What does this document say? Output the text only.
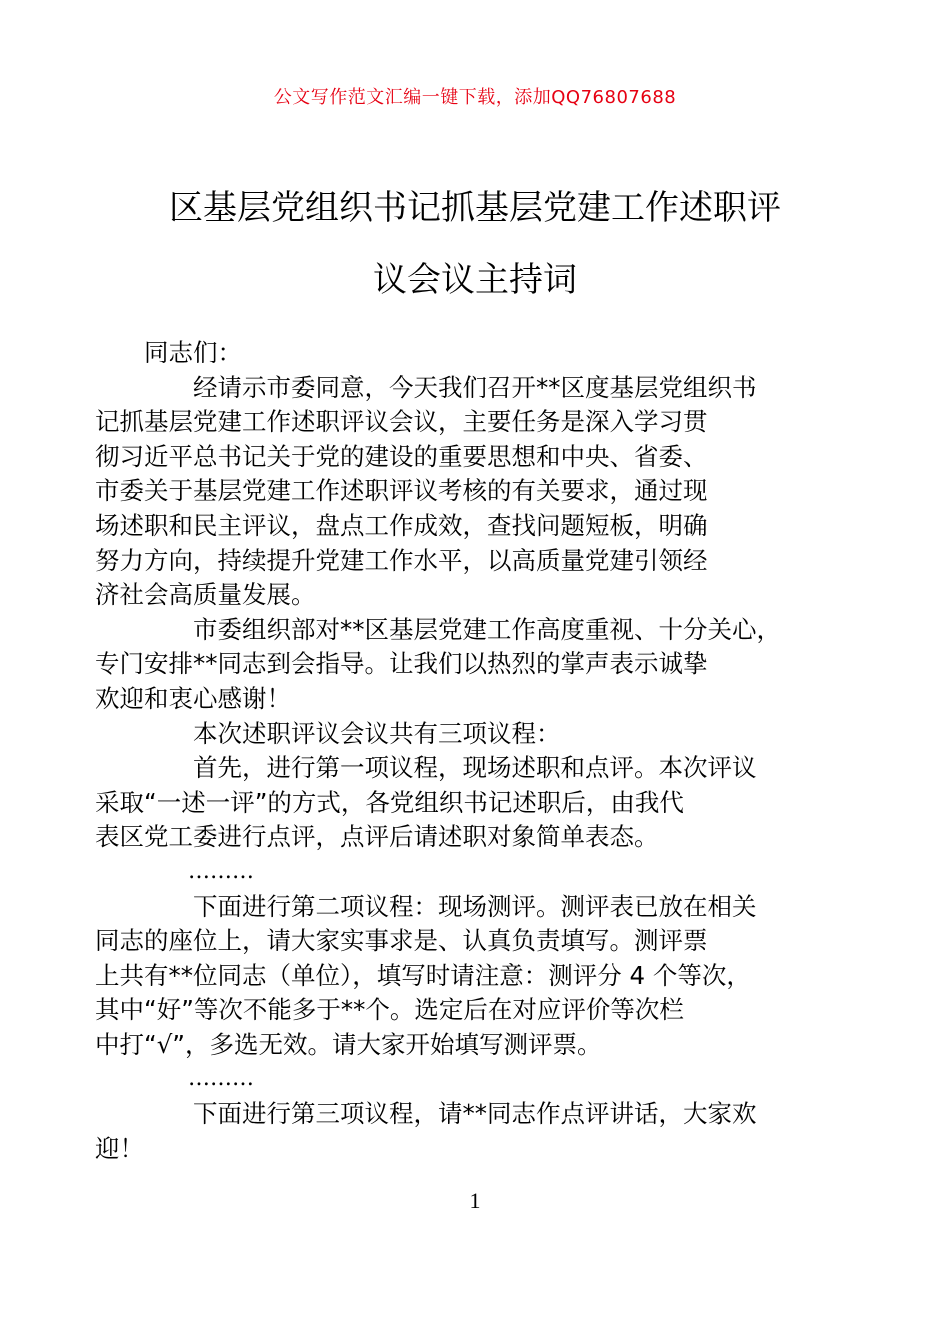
公文写作范文汇编一键下载，添加QQ76807688
区基层党组织书记抓基层党建工作述职评
议会议主持词

同志们：

经请示市委同意，今天我们召开**区度基层党组织书
记抓基层党建工作述职评议会议，主要任务是深入学习贯
彻习近平总书记关于党的建设的重要思想和中央、省委、
市委关于基层党建工作述职评议考核的有关要求，通过现
场述职和民主评议，盘点工作成效，查找问题短板，明确
努力方向，持续提升党建工作水平，以高质量党建引领经
济社会高质量发展。

市委组织部对**区基层党建工作高度重视、十分关心，
专门安排**同志到会指导。让我们以热烈的掌声表示诚挚
欢迎和衷心感谢！

本次述职评议会议共有三项议程：

首先，进行第一项议程，现场述职和点评。本次评议
采取“一述一评”的方式，各党组织书记述职后，由我代
表区党工委进行点评，点评后请述职对象简单表态。

………

下面进行第二项议程：现场测评。测评表已放在相关
同志的座位上，请大家实事求是、认真负责填写。测评票
上共有**位同志（单位），填写时请注意：测评分 4 个等次，
其中“好”等次不能多于**个。选定后在对应评价等次栏
中打“√”，多选无效。请大家开始填写测评票。

………

下面进行第三项议程，请**同志作点评讲话，大家欢
迎！

1
